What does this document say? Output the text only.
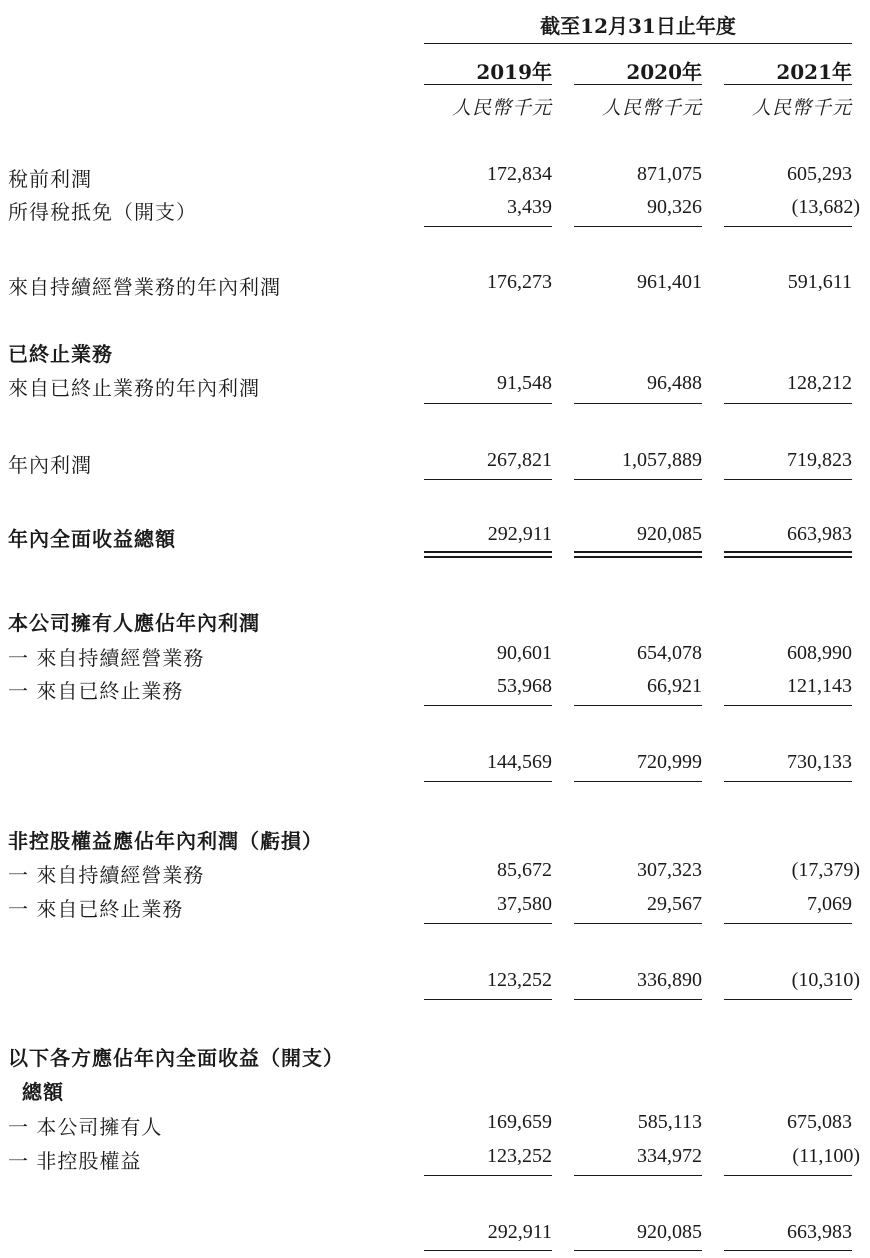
截至12月31日止年度
2019年	2020年	2021年
人民幣千元	人民幣千元	人民幣千元
稅前利潤	172,834	871,075	605,293
所得稅抵免（開支）	3,439	90,326	(13,682)
來自持續經營業務的年內利潤	176,273	961,401	591,611
已終止業務
來自已終止業務的年內利潤	91,548	96,488	128,212
年內利潤	267,821	1,057,889	719,823
年內全面收益總額	292,911	920,085	663,983
本公司擁有人應佔年內利潤
一 來自持續經營業務	90,601	654,078	608,990
一 來自已終止業務	53,968	66,921	121,143
144,569	720,999	730,133
非控股權益應佔年內利潤（虧損）
一 來自持續經營業務	85,672	307,323	(17,379)
一 來自已終止業務	37,580	29,567	7,069
123,252	336,890	(10,310)
以下各方應佔年內全面收益（開支）
總額
一 本公司擁有人	169,659	585,113	675,083
一 非控股權益	123,252	334,972	(11,100)
292,911	920,085	663,983
